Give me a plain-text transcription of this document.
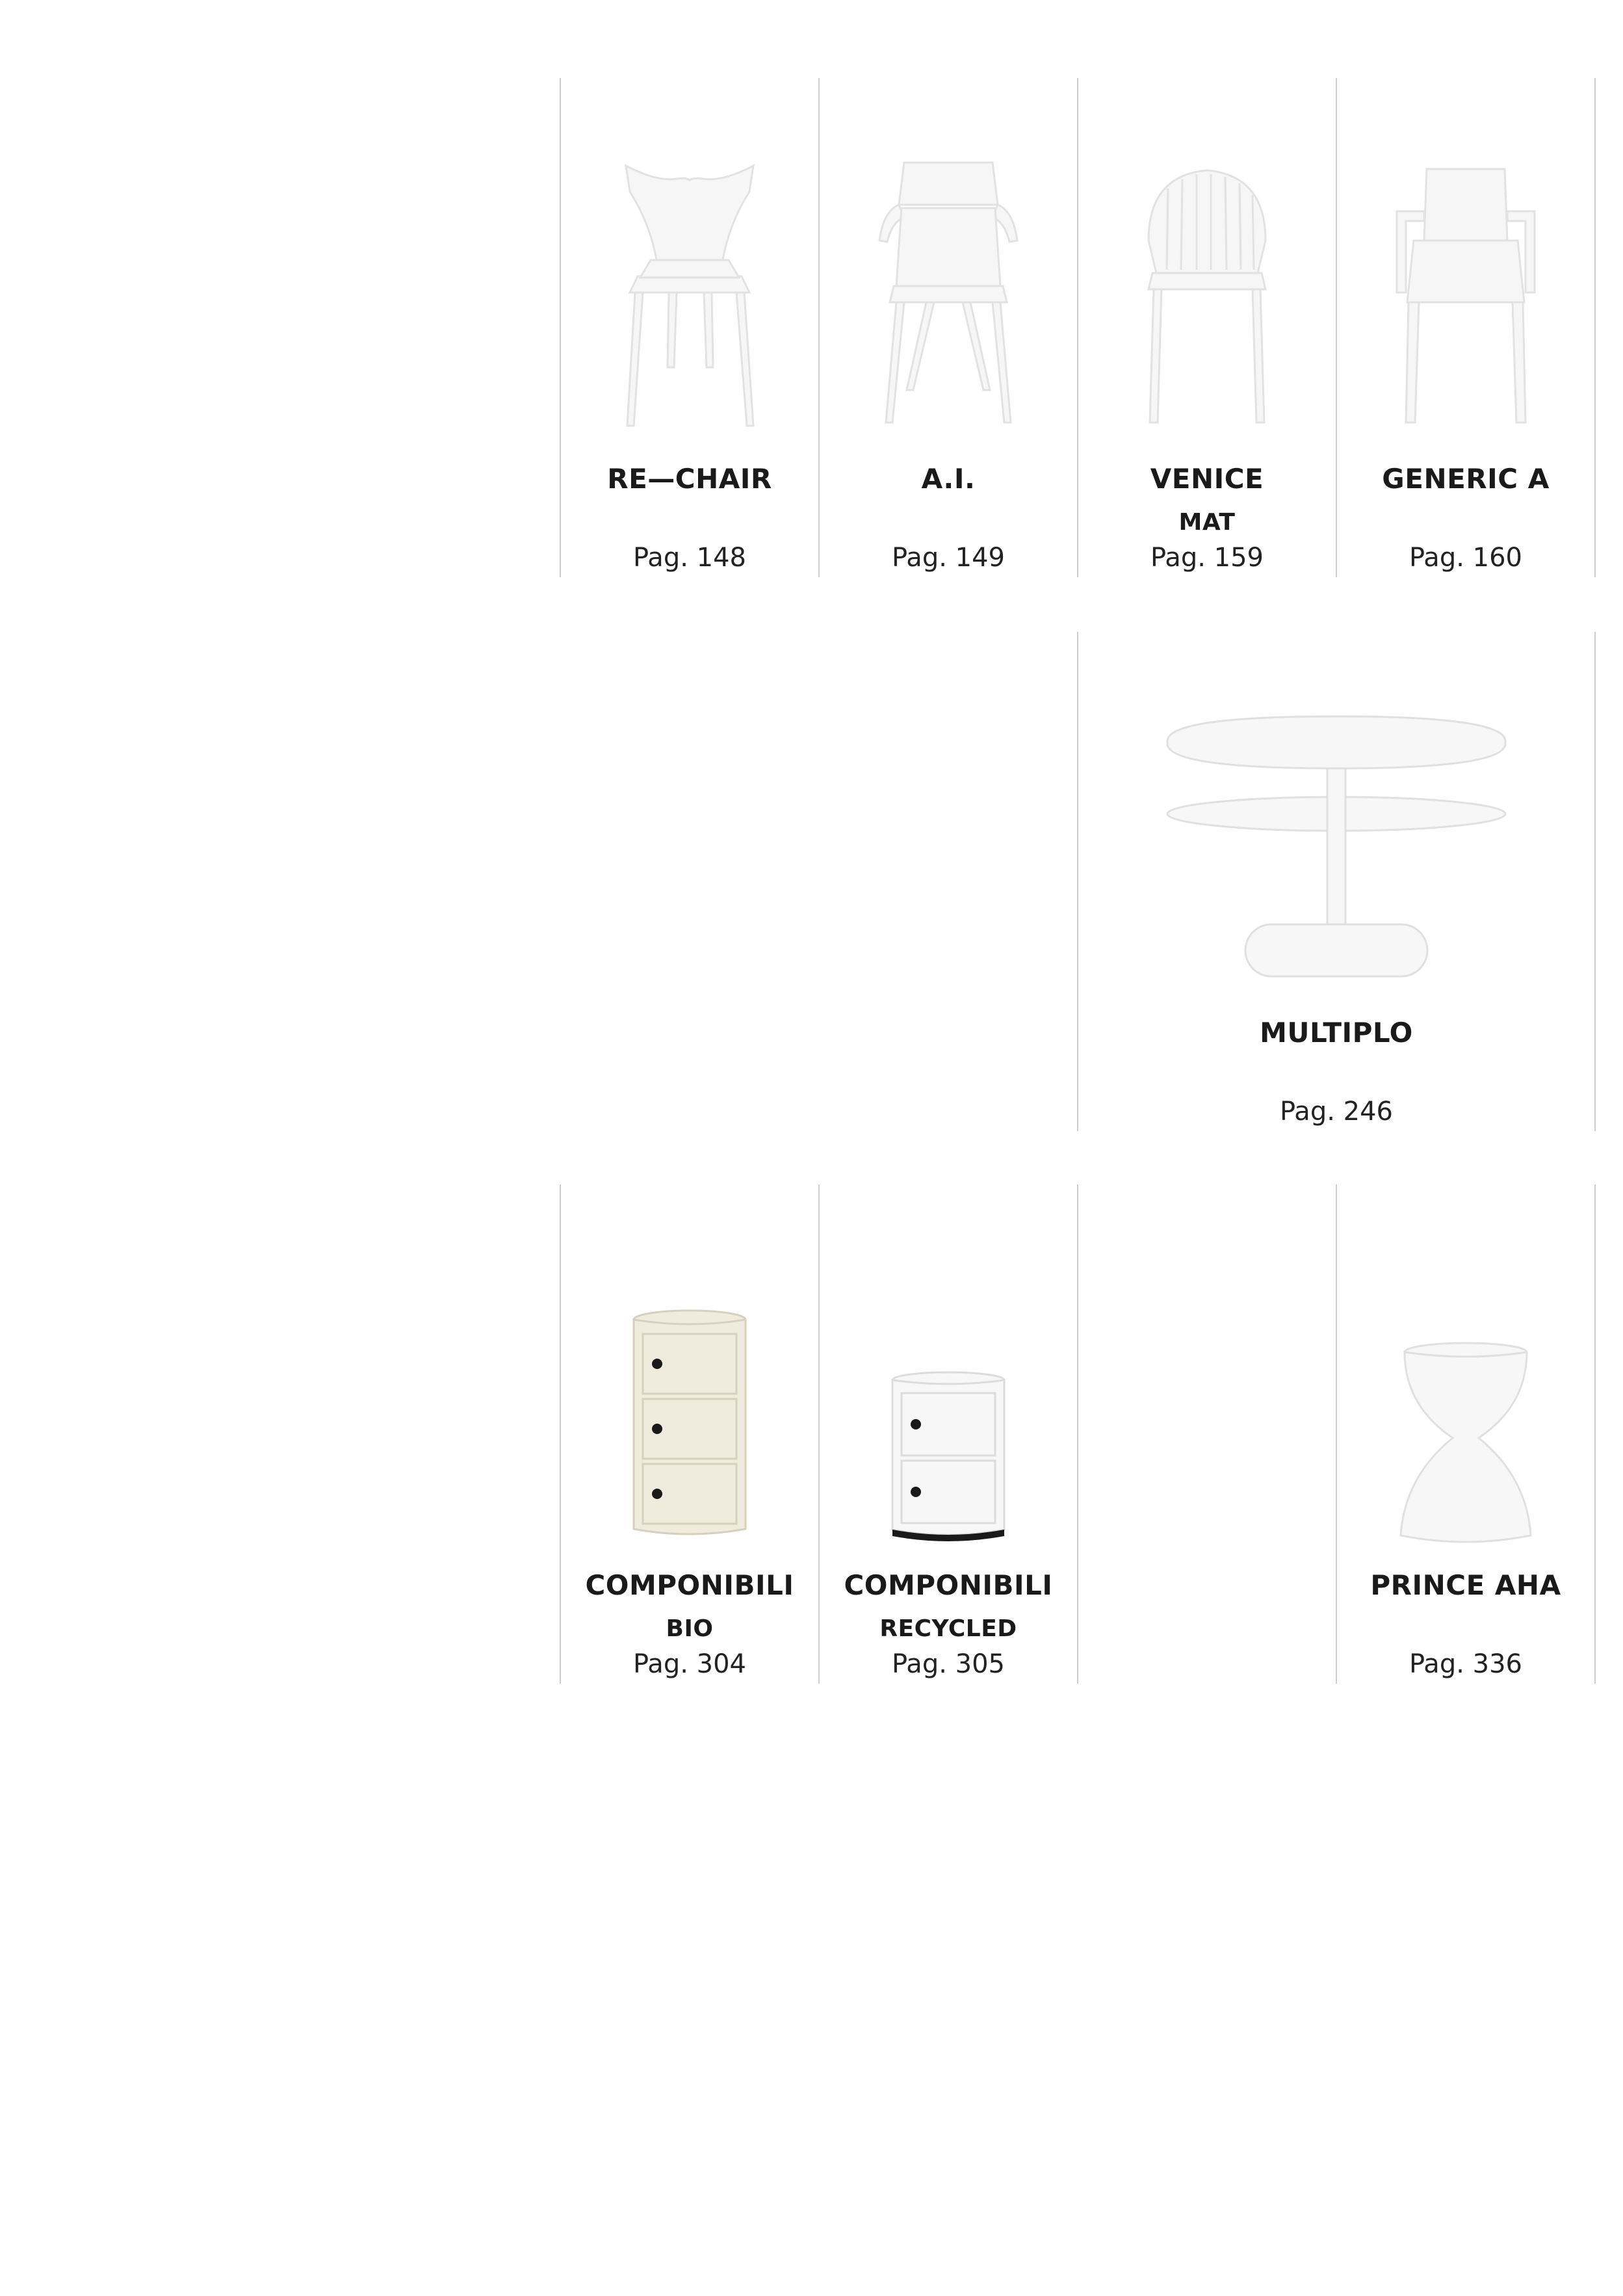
RE—CHAIR
Pag. 148
A.I.
Pag. 149
VENICE
MAT
Pag. 159
GENERIC A
Pag. 160
MULTIPLO
Pag. 246
COMPONIBILI
BIO
Pag. 304
COMPONIBILI
RECYCLED
Pag. 305
PRINCE AHA
Pag. 336
